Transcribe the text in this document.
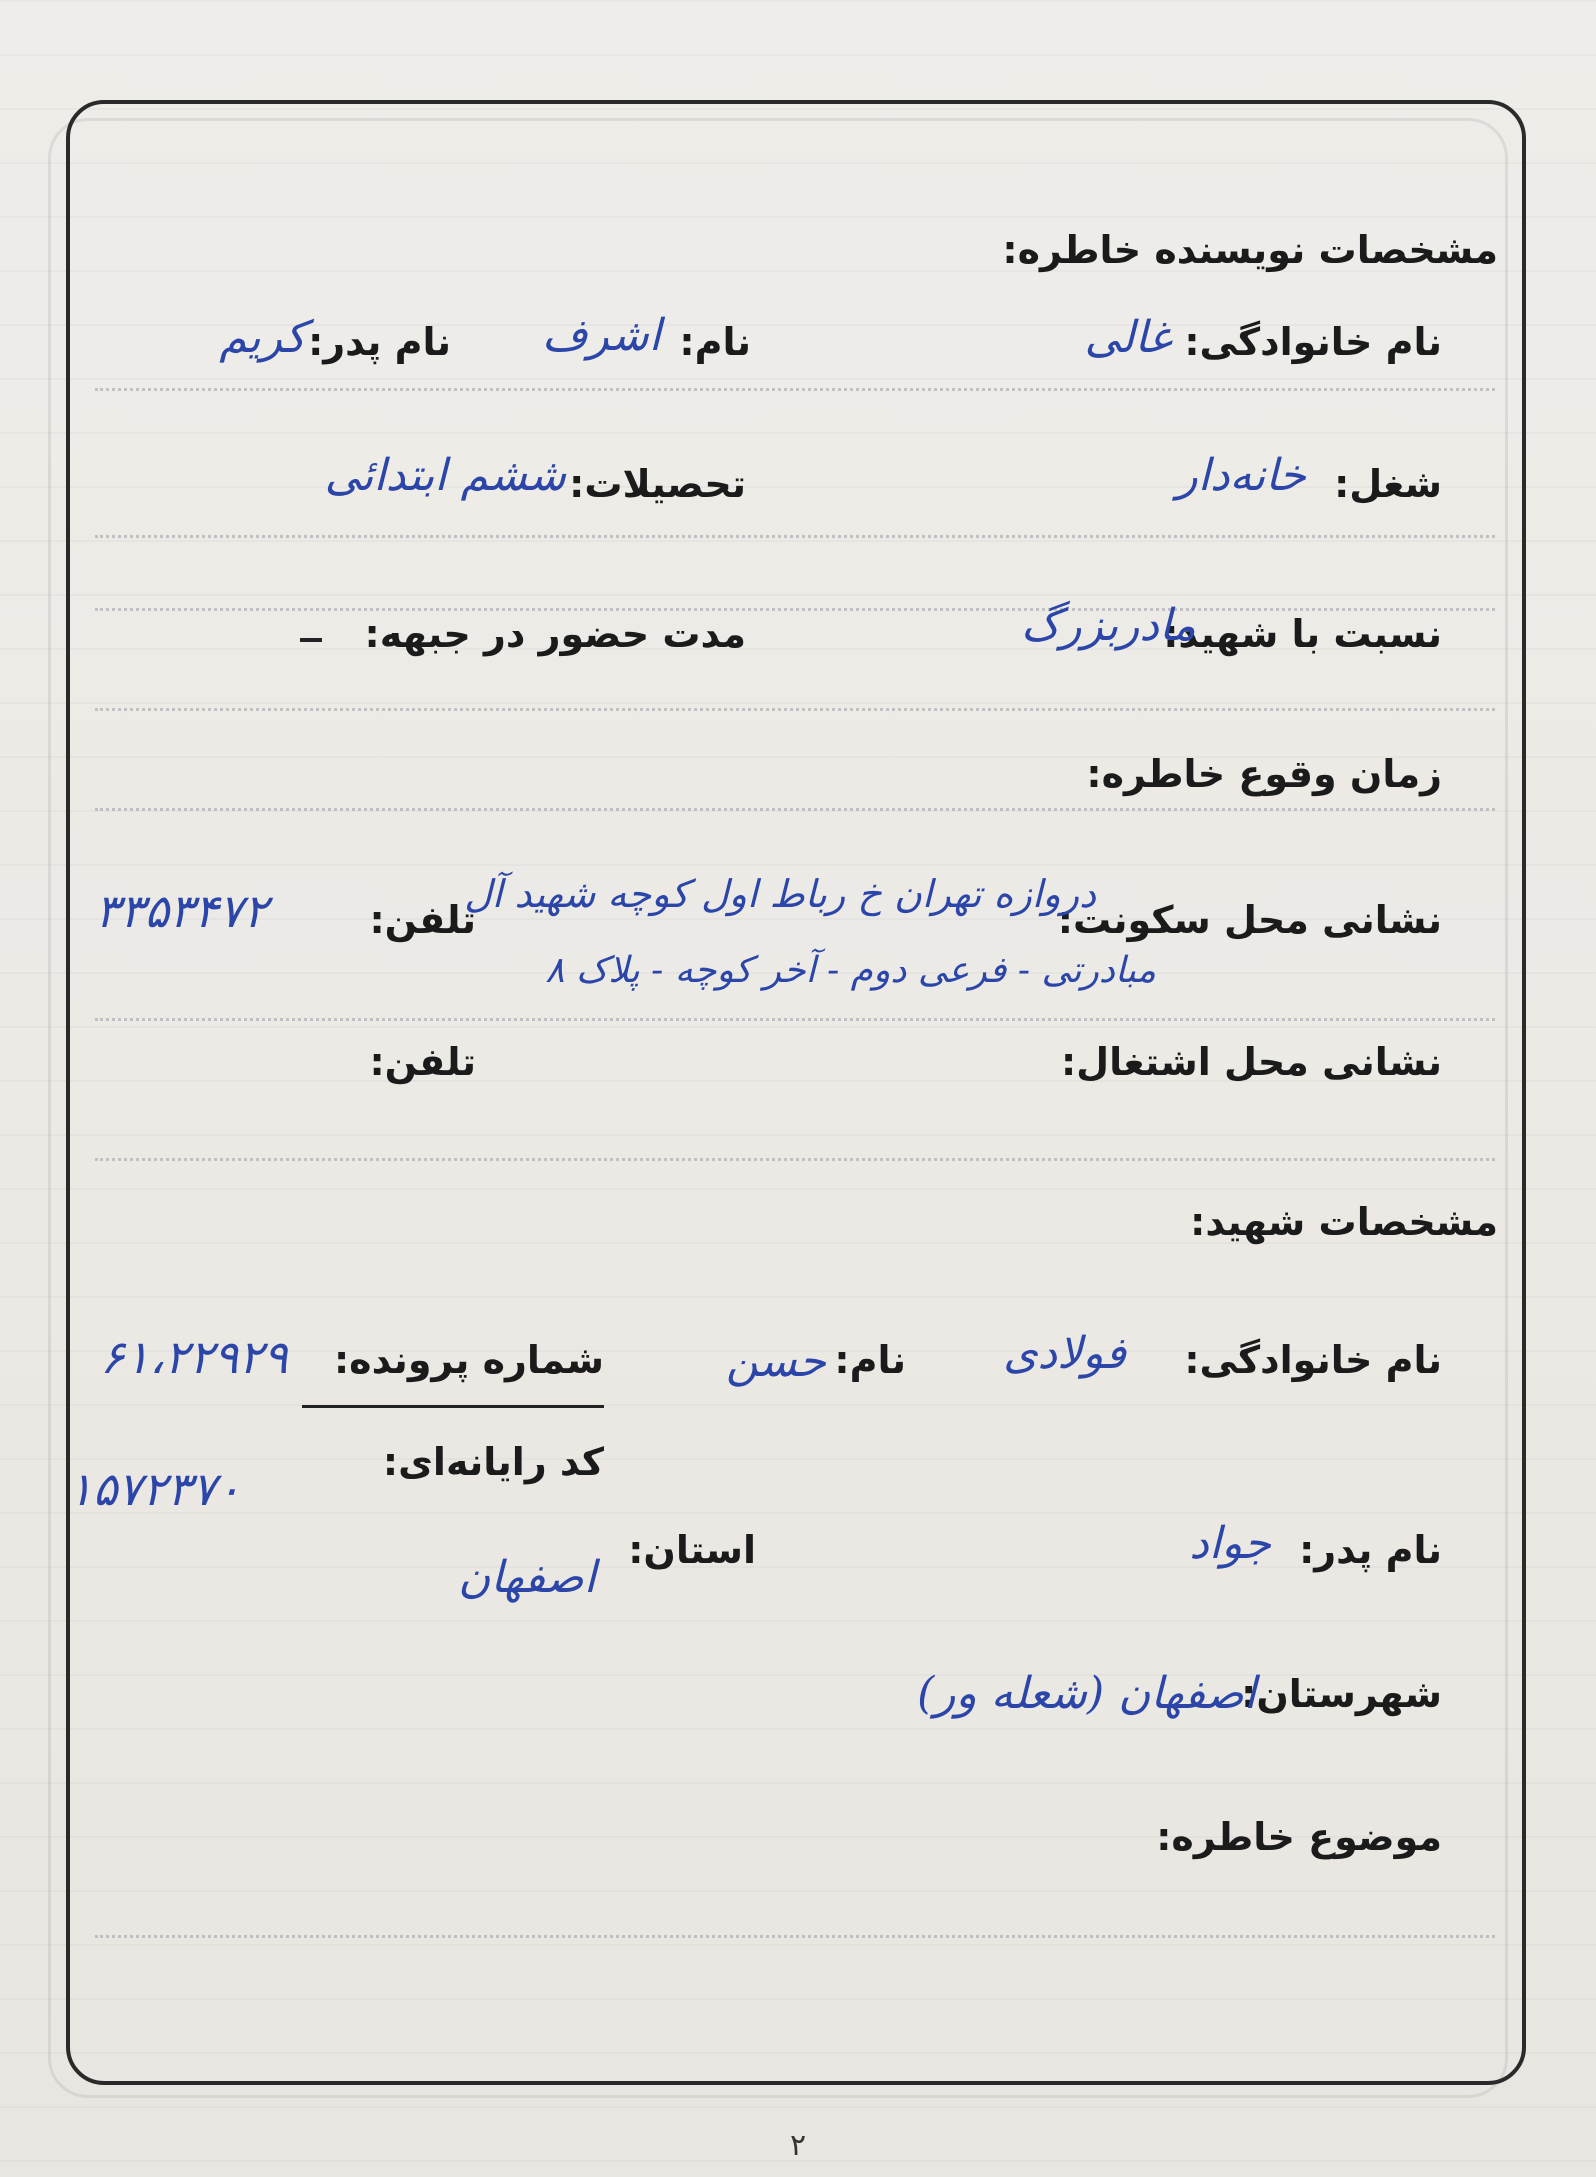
مشخصات نویسنده خاطره:
نام خانوادگی:
غالی
نام:
اشرف
نام پدر:
کریم
شغل:
خانه‌دار
تحصیلات:
ششم ابتدائی
نسبت با شهید:
مادربزرگ
مدت حضور در جبهه:
زمان وقوع خاطره:
نشانی محل سکونت:
دروازه تهران خ رباط اول کوچه شهید آل‌
مبادرتی - فرعی دوم - آخر کوچه - پلاک ۸
تلفن:
۳۳۵۳۴۷۲
نشانی محل اشتغال:
تلفن:
مشخصات شهید:
نام خانوادگی:
فولادی
نام:
حسن
شماره پرونده:
۶۱،۲۲۹۲۹
کد رایانه‌ای:
۱۵۷۲۳۷۰
نام پدر:
جواد
استان:
اصفهان
شهرستان:
اصفهان (شعله ور)
موضوع خاطره:
۲
